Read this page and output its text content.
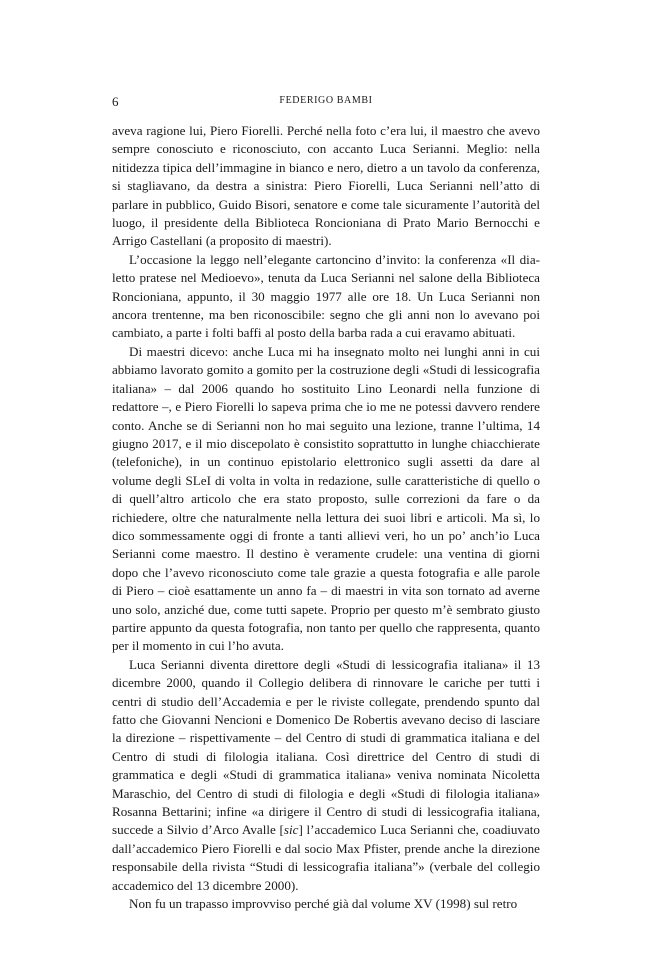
6	FEDERIGO BAMBI

aveva ragione lui, Piero Fiorelli. Perché nella foto c’era lui, il maestro che avevo sempre conosciuto e riconosciuto, con accanto Luca Serianni. Meglio: nella nitidezza tipica dell’immagine in bianco e nero, dietro a un tavolo da conferenza, si stagliavano, da destra a sinistra: Piero Fiorelli, Luca Serianni nell’atto di parlare in pubblico, Guido Bisori, senatore e come tale sicuramente l’autorità del luogo, il presidente della Biblioteca Roncioniana di Prato Mario Bernocchi e Arrigo Castellani (a proposito di maestri).

L’occasione la leggo nell’elegante cartoncino d’invito: la conferenza «Il dialetto pratese nel Medioevo», tenuta da Luca Serianni nel salone della Biblioteca Roncioniana, appunto, il 30 maggio 1977 alle ore 18. Un Luca Serianni non ancora trentenne, ma ben riconoscibile: segno che gli anni non lo avevano poi cambiato, a parte i folti baffi al posto della barba rada a cui eravamo abituati.

Di maestri dicevo: anche Luca mi ha insegnato molto nei lunghi anni in cui abbiamo lavorato gomito a gomito per la costruzione degli «Studi di lessicografia italiana» – dal 2006 quando ho sostituito Lino Leonardi nella funzione di redattore –, e Piero Fiorelli lo sapeva prima che io me ne potessi davvero rendere conto. Anche se di Serianni non ho mai seguito una lezione, tranne l’ultima, 14 giugno 2017, e il mio discepolato è consistito soprattutto in lunghe chiacchierate (telefoniche), in un continuo epistolario elettronico sugli assetti da dare al volume degli SLeI di volta in volta in redazione, sulle caratteristiche di quello o di quell’altro articolo che era stato proposto, sulle correzioni da fare o da richiedere, oltre che naturalmente nella lettura dei suoi libri e articoli. Ma sì, lo dico sommessamente oggi di fronte a tanti allievi veri, ho un po’ anch’io Luca Serianni come maestro. Il destino è veramente crudele: una ventina di giorni dopo che l’avevo riconosciuto come tale grazie a questa fotografia e alle parole di Piero – cioè esattamente un anno fa – di maestri in vita son tornato ad averne uno solo, anziché due, come tutti sapete. Proprio per questo m’è sembrato giusto partire appunto da questa fotografia, non tanto per quello che rappresenta, quanto per il momento in cui l’ho avuta.

Luca Serianni diventa direttore degli «Studi di lessicografia italiana» il 13 dicembre 2000, quando il Collegio delibera di rinnovare le cariche per tutti i centri di studio dell’Accademia e per le riviste collegate, prendendo spunto dal fatto che Giovanni Nencioni e Domenico De Robertis avevano deciso di lasciare la direzione – rispettivamente – del Centro di studi di grammatica italiana e del Centro di studi di filologia italiana. Così direttrice del Centro di studi di grammatica e degli «Studi di grammatica italiana» veniva nominata Nicoletta Maraschio, del Centro di studi di filologia e degli «Studi di filologia italiana» Rosanna Bettarini; infine «a dirigere il Centro di studi di lessicografia italiana, succede a Silvio d’Arco Avalle [sic] l’accademico Luca Serianni che, coadiuvato dall’accademico Piero Fiorelli e dal socio Max Pfister, prende anche la direzione responsabile della rivista “Studi di lessicografia italiana”» (verbale del collegio accademico del 13 dicembre 2000).

Non fu un trapasso improvviso perché già dal volume XV (1998) sul retro
